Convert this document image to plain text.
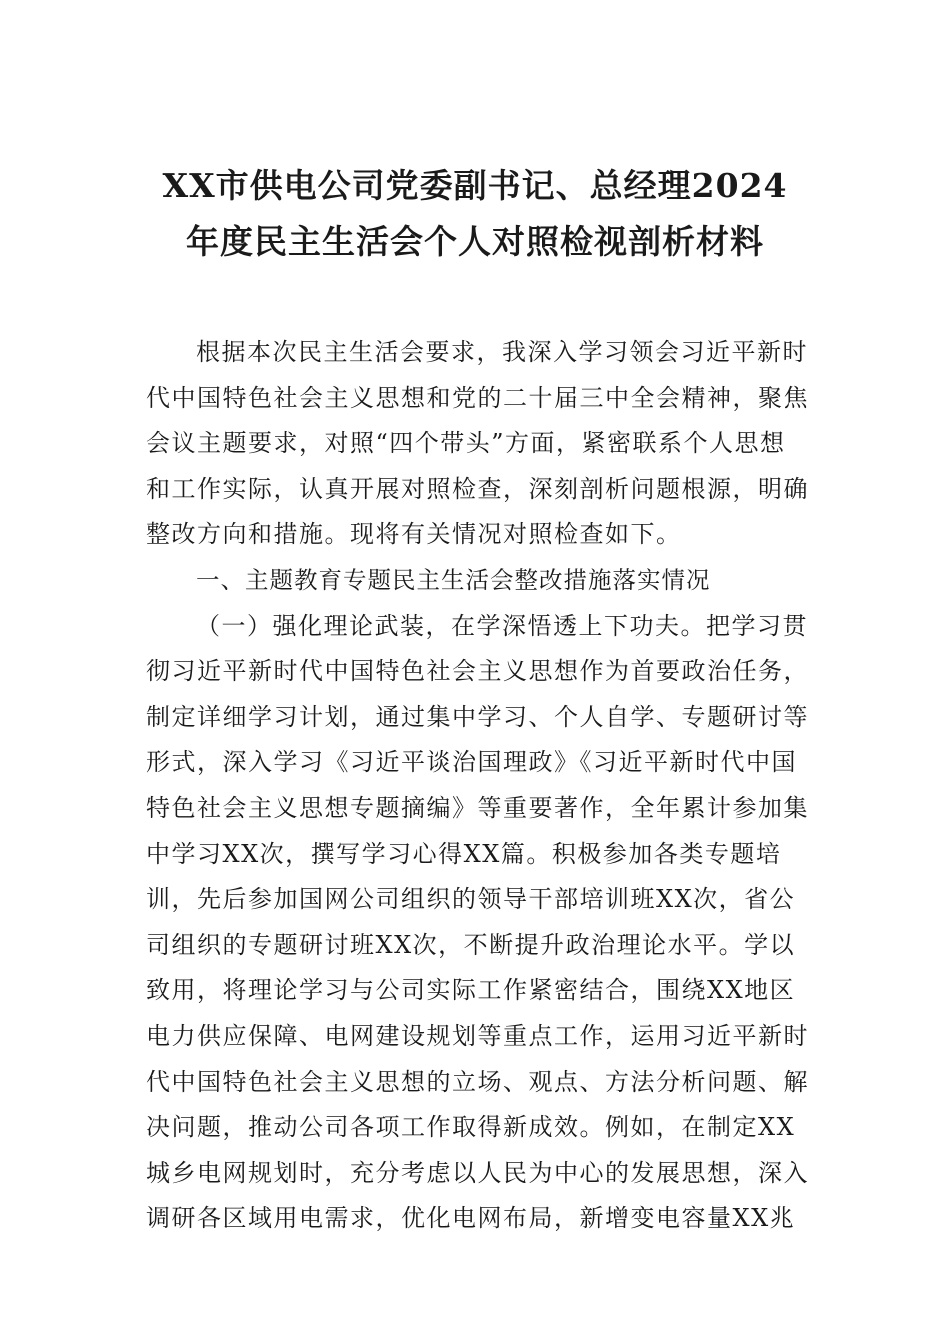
XX市供电公司党委副书记、总经理2024
年度民主生活会个人对照检视剖析材料
根据本次民主生活会要求，我深入学习领会习近平新时
代中国特色社会主义思想和党的二十届三中全会精神，聚焦
会议主题要求，对照“四个带头”方面，紧密联系个人思想
和工作实际，认真开展对照检查，深刻剖析问题根源，明确
整改方向和措施。现将有关情况对照检查如下。
一、主题教育专题民主生活会整改措施落实情况
（一）强化理论武装，在学深悟透上下功夫。把学习贯
彻习近平新时代中国特色社会主义思想作为首要政治任务，
制定详细学习计划，通过集中学习、个人自学、专题研讨等
形式，深入学习《习近平谈治国理政》《习近平新时代中国
特色社会主义思想专题摘编》等重要著作，全年累计参加集
中学习XX次，撰写学习心得XX篇。积极参加各类专题培
训，先后参加国网公司组织的领导干部培训班XX次，省公
司组织的专题研讨班XX次，不断提升政治理论水平。学以
致用，将理论学习与公司实际工作紧密结合，围绕XX地区
电力供应保障、电网建设规划等重点工作，运用习近平新时
代中国特色社会主义思想的立场、观点、方法分析问题、解
决问题，推动公司各项工作取得新成效。例如，在制定XX
城乡电网规划时，充分考虑以人民为中心的发展思想，深入
调研各区域用电需求，优化电网布局，新增变电容量XX兆
